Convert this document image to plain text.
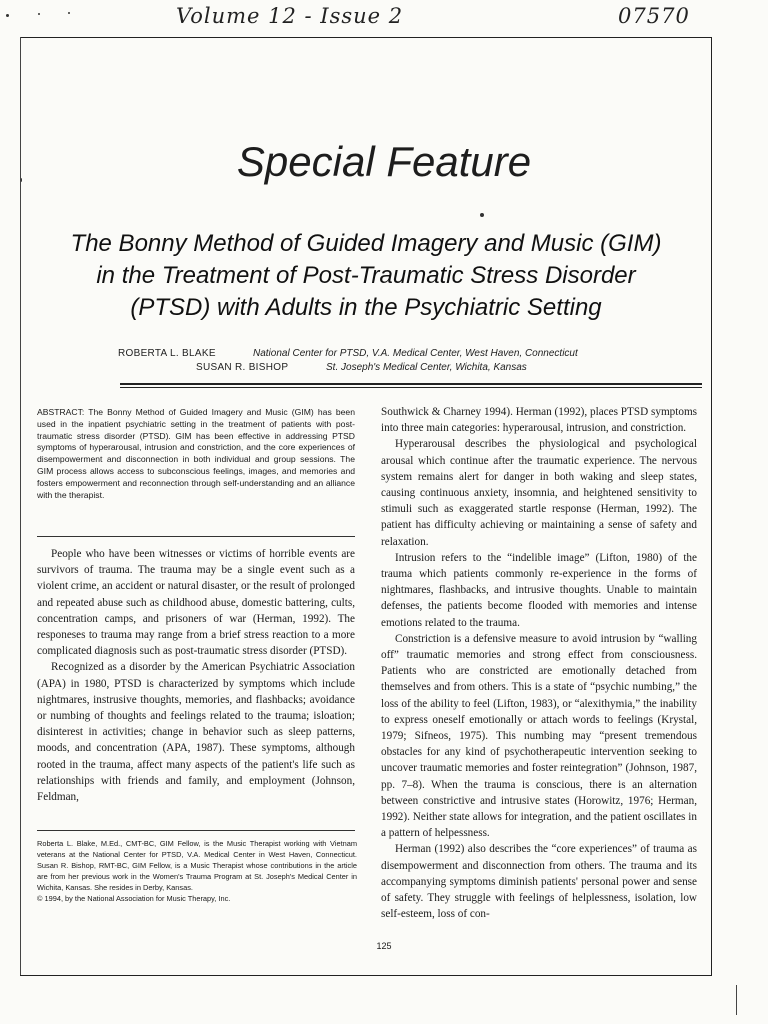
Volume 12 - Issue 2	07570
Special Feature
The Bonny Method of Guided Imagery and Music (GIM)
in the Treatment of Post-Traumatic Stress Disorder
(PTSD) with Adults in the Psychiatric Setting
ROBERTA L. BLAKE	National Center for PTSD, V.A. Medical Center, West Haven, Connecticut
SUSAN R. BISHOP	St. Joseph's Medical Center, Wichita, Kansas
ABSTRACT: The Bonny Method of Guided Imagery and Music (GIM) has been used in the inpatient psychiatric setting in the treatment of patients with post-traumatic stress disorder (PTSD). GIM has been effective in addressing PTSD symptoms of hyperarousal, intrusion and constriction, and the core experiences of disempowerment and disconnection in both individual and group sessions. The GIM process allows access to subconscious feelings, images, and memories and fosters empowerment and reconnection through self-understanding and an alliance with the therapist.

People who have been witnesses or victims of horrible events are survivors of trauma. The trauma may be a single event such as a violent crime, an accident or natural disaster, or the result of prolonged and repeated abuse such as childhood abuse, domestic battering, cults, concentration camps, and prisoners of war (Herman, 1992). The responeses to trauma may range from a brief stress reaction to a more complicated diagnosis such as post-traumatic stress disorder (PTSD).

Recognized as a disorder by the American Psychiatric Association (APA) in 1980, PTSD is characterized by symptoms which include nightmares, instrusive thoughts, memories, and flashbacks; avoidance or numbing of thoughts and feelings related to the trauma; isloation; disinterest in activities; change in behavior such as sleep patterns, moods, and concentration (APA, 1987). These symptoms, although rooted in the trauma, affect many aspects of the patient's life such as relationships with friends and family, and employment (Johnson, Feldman,

Southwick & Charney 1994). Herman (1992), places PTSD symptoms into three main categories: hyperarousal, intrusion, and constriction.

Hyperarousal describes the physiological and psychological arousal which continue after the traumatic experience. The nervous system remains alert for danger in both waking and sleep states, causing continuous anxiety, insomnia, and heightened sensitivity to stimuli such as exaggerated startle response (Herman, 1992). The patient has difficulty achieving or maintaining a sense of safety and relaxation.

Intrusion refers to the “indelible image” (Lifton, 1980) of the trauma which patients commonly re-experience in the forms of nightmares, flashbacks, and intrusive thoughts. Unable to maintain defenses, the patients become flooded with memories and intense emotions related to the trauma.

Constriction is a defensive measure to avoid intrusion by “walling off” traumatic memories and strong effect from consciousness. Patients who are constricted are emotionally detached from themselves and from others. This is a state of “psychic numbing,” the loss of the ability to feel (Lifton, 1983), or “alexithymia,” the inability to express oneself emotionally or attach words to feelings (Krystal, 1979; Sifneos, 1975). This numbing may “present tremendous obstacles for any kind of psychotherapeutic intervention seeking to uncover traumatic memories and foster reintegration” (Johnson, 1987, pp. 7–8). When the trauma is conscious, there is an alternation between constrictive and intrusive states (Horowitz, 1976; Herman, 1992). Neither state allows for integration, and the patient oscillates in a pattern of helpessness.

Herman (1992) also describes the “core experiences” of trauma as disempowerment and disconnection from others. The trauma and its accompanying symptoms diminish patients' personal power and sense of safety. They struggle with feelings of helplessness, isolation, low self-esteem, loss of con-

Roberta L. Blake, M.Ed., CMT-BC, GIM Fellow, is the Music Therapist working with Vietnam veterans at the National Center for PTSD, V.A. Medical Center in West Haven, Connecticut. Susan R. Bishop, RMT-BC, GIM Fellow, is a Music Therapist whose contributions in the article are from her previous work in the Women's Trauma Program at St. Joseph's Medical Center in Wichita, Kansas. She resides in Derby, Kansas.
© 1994, by the National Association for Music Therapy, Inc.
125
